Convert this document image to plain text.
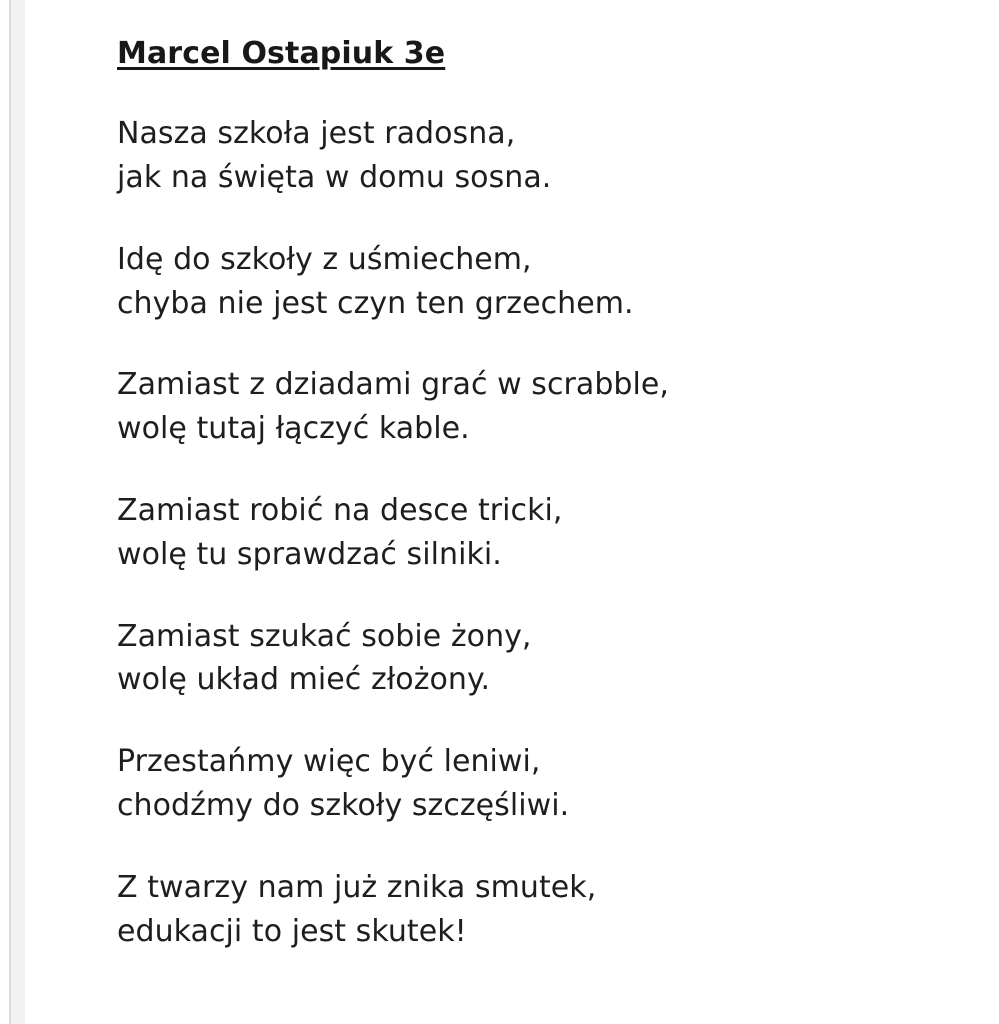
Marcel Ostapiuk 3e
Nasza szkoła jest radosna,
jak na święta w domu sosna.
Idę do szkoły z uśmiechem,
chyba nie jest czyn ten grzechem.
Zamiast z dziadami grać w scrabble,
wolę tutaj łączyć kable.
Zamiast robić na desce tricki,
wolę tu sprawdzać silniki.
Zamiast szukać sobie żony,
wolę układ mieć złożony.
Przestańmy więc być leniwi,
chodźmy do szkoły szczęśliwi.
Z twarzy nam już znika smutek,
edukacji to jest skutek!
